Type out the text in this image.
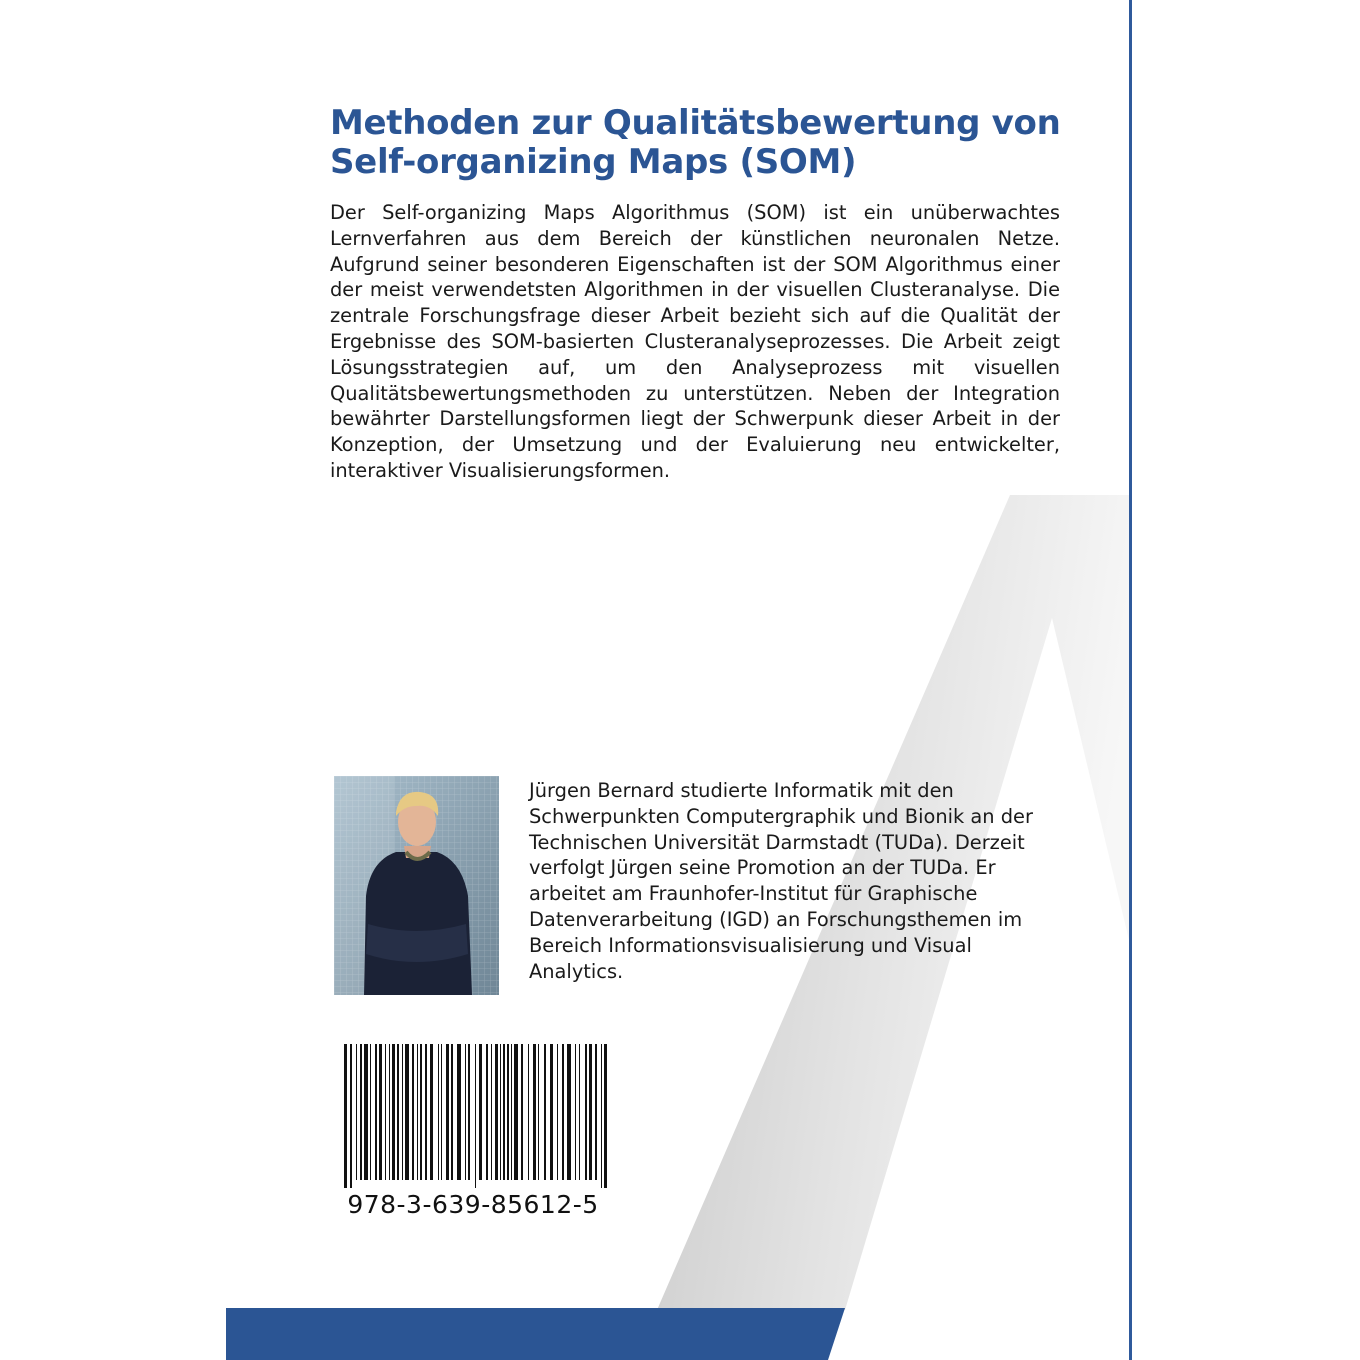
Methoden zur Qualitätsbewertung von Self-organizing Maps (SOM)

Der Self-organizing Maps Algorithmus (SOM) ist ein unüberwachtes Lernverfahren aus dem Bereich der künstlichen neuronalen Netze. Aufgrund seiner besonderen Eigenschaften ist der SOM Algorithmus einer der meist verwendetsten Algorithmen in der visuellen Clusteranalyse. Die zentrale Forschungsfrage dieser Arbeit bezieht sich auf die Qualität der Ergebnisse des SOM-basierten Clusteranalyseprozesses. Die Arbeit zeigt Lösungsstrategien auf, um den Analyseprozess mit visuellen Qualitätsbewertungsmethoden zu unterstützen. Neben der Integration bewährter Darstellungsformen liegt der Schwerpunk dieser Arbeit in der Konzeption, der Umsetzung und der Evaluierung neu entwickelter, interaktiver Visualisierungsformen.

Jürgen Bernard studierte Informatik mit den Schwerpunkten Computergraphik und Bionik an der Technischen Universität Darmstadt (TUDa). Derzeit verfolgt Jürgen seine Promotion an der TUDa. Er arbeitet am Fraunhofer-Institut für Graphische Datenverarbeitung (IGD) an Forschungsthemen im Bereich Informationsvisualisierung und Visual Analytics.

978-3-639-85612-5
